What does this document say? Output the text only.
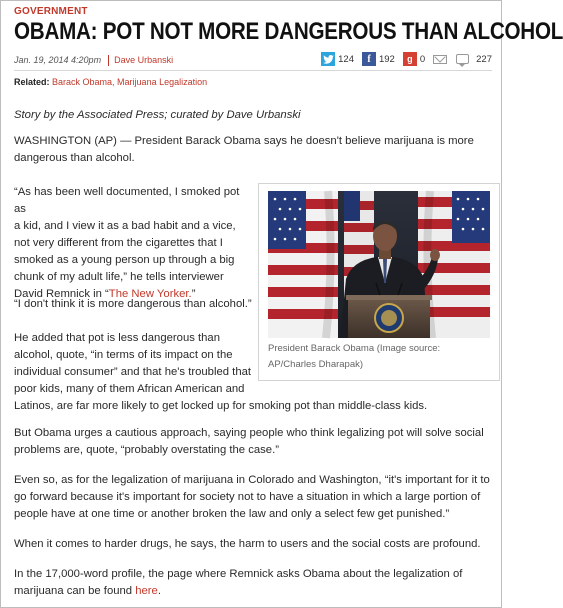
GOVERNMENT
OBAMA: POT NOT MORE DANGEROUS THAN ALCOHOL
Jan. 19, 2014 4:20pm Dave Urbanski	124	f 192	g 0	227
Related: Barack Obama, Marijuana Legalization

Story by the Associated Press; curated by Dave Urbanski

WASHINGTON (AP) — President Barack Obama says he doesn't believe marijuana is more dangerous than alcohol.

“As has been well documented, I smoked pot as
a kid, and I view it as a bad habit and a vice,
not very different from the cigarettes that I
smoked as a young person up through a big
chunk of my adult life,” he tells interviewer
David Remnick in “The New Yorker.”

“I don't think it is more dangerous than alcohol.”

He added that pot is less dangerous than
alcohol, quote, “in terms of its impact on the
individual consumer” and that he's troubled that
poor kids, many of them African American and
Latinos, are far more likely to get locked up for smoking pot than middle-class kids.

But Obama urges a cautious approach, saying people who think legalizing pot will solve social problems are, quote, “probably overstating the case.”

Even so, as for the legalization of marijuana in Colorado and Washington, “it's important for it to go forward because it's important for society not to have a situation in which a large portion of people have at one time or another broken the law and only a select few get punished.”

When it comes to harder drugs, he says, the harm to users and the social costs are profound.

In the 17,000-word profile, the page where Remnick asks Obama about the legalization of marijuana can be found here.

President Barack Obama (Image source: AP/Charles Dharapak)
